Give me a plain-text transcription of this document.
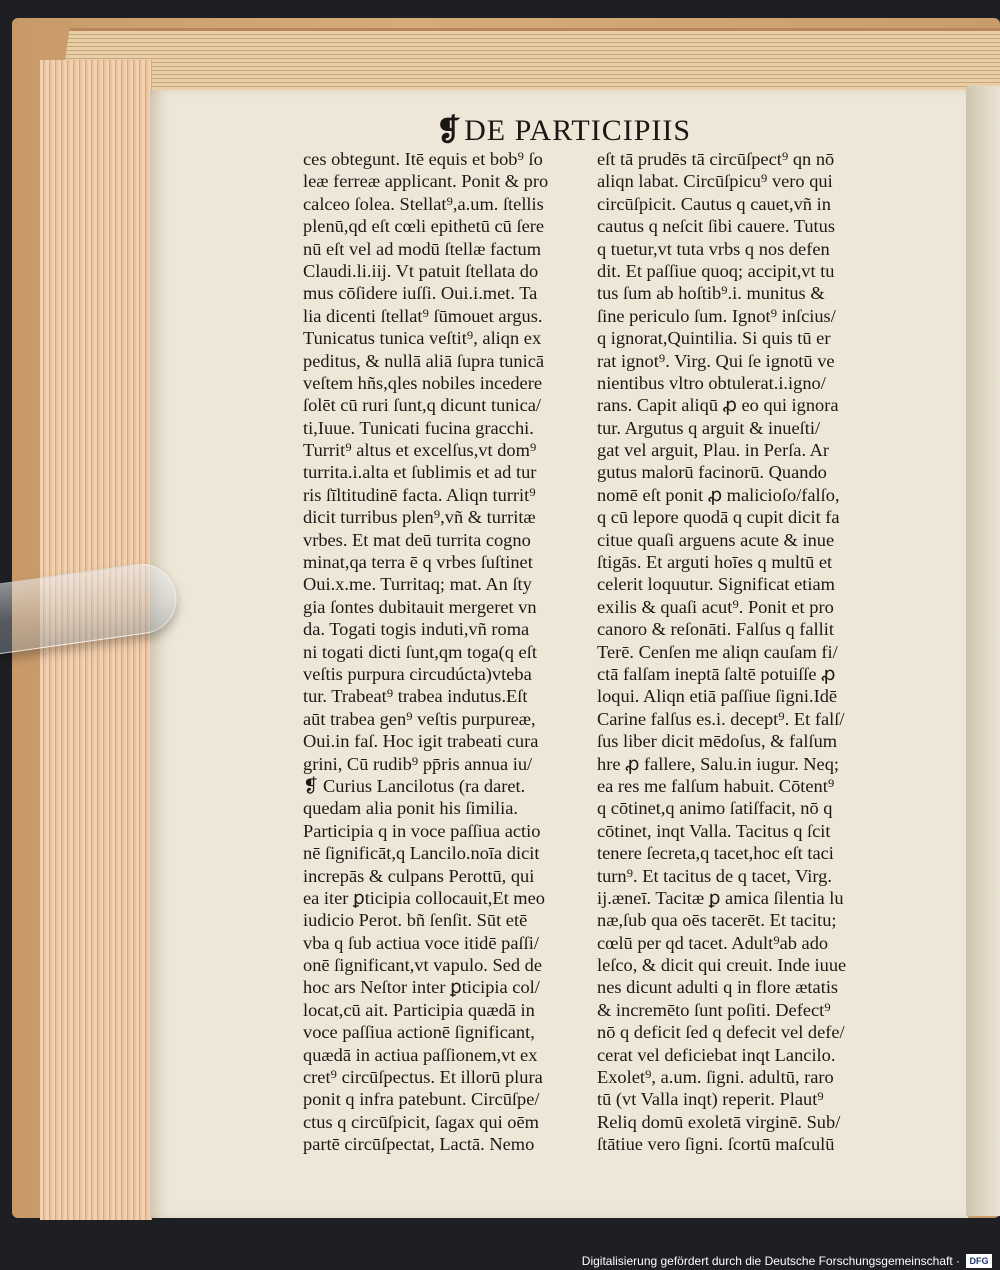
❡DE PARTICIPIIS
ces obtegunt. Itē equis et bob⁹ ſo
leæ ferreæ applicant. Ponit & pro
calceo ſolea. Stellat⁹,a.um. ſtellis
plenū,qd eſt cœli epithetū cū ſere
nū eſt vel ad modū ſtellæ factum
Claudi.li.iij. Vt patuit ſtellata do
mus cōſidere iuſſi. Oui.i.met. Ta
lia dicenti ſtellat⁹ ſūmouet argus.
Tunicatus tunica veſtit⁹, aliqn ex
peditus, & nullā aliā ſupra tunicā
veſtem hñs,qles nobiles incedere
ſolēt cū ruri ſunt,q dicunt tunica/
ti,Iuue. Tunicati fucina gracchi.
Turrit⁹ altus et excelſus,vt dom⁹
turrita.i.alta et ſublimis et ad tur
ris ſīltitudinē facta. Aliqn turrit⁹
dicit turribus plen⁹,vñ & turritæ
vrbes. Et mat deū turrita cogno
minat,qa terra ē q vrbes ſuſtinet
Oui.x.me. Turritaq; mat. An ſty
gia ſontes dubitauit mergeret vn
da. Togati togis induti,vñ roma
ni togati dicti ſunt,qm toga(q eſt
veſtis purpura circudúcta)vteba
tur. Trabeat⁹ trabea indutus.Eſt
aūt trabea gen⁹ veſtis purpureæ,
Oui.in faſ. Hoc igit trabeati cura
grini, Cū rudib⁹ pp̄ris annua iu/
❡ Curius Lancilotus (ra daret.
quedam alia ponit his ſimilia.
Participia q in voce paſſiua actio
nē ſignificāt,q Lancilo.noīa dicit
increpās & culpans Perottū, qui
ea iter ꝑticipia collocauit,Et meo
iudicio Perot. bñ ſenſit. Sūt etē
vba q ſub actiua voce itidē paſſi/
onē ſignificant,vt vapulo. Sed de
hoc ars Neſtor inter ꝑticipia col/
locat,cū ait. Participia quædā in
voce paſſiua actionē ſignificant,
quædā in actiua paſſionem,vt ex
cret⁹ circūſpectus. Et illorū plura
ponit q infra patebunt. Circūſpe/
ctus q circūſpicit, ſagax qui oēm
partē circūſpectat, Lactā. Nemo
eſt tā prudēs tā circūſpect⁹ qn nō
aliqn labat. Circūſpicu⁹ vero qui
circūſpicit. Cautus q cauet,vñ in
cautus q neſcit ſibi cauere. Tutus
q tuetur,vt tuta vrbs q nos defen
dit. Et paſſiue quoq; accipit,vt tu
tus ſum ab hoſtib⁹.i. munitus &
ſine periculo ſum. Ignot⁹ inſcius/
q ignorat,Quintilia. Si quis tū er
rat ignot⁹. Virg. Qui ſe ignotū ve
nientibus vltro obtulerat.i.igno/
rans. Capit aliqū ꝓ eo qui ignora
tur. Argutus q arguit & inueſti/
gat vel arguit, Plau. in Perſa. Ar
gutus malorū facinorū. Quando
nomē eſt ponit ꝓ malicioſo/falſo,
q cū lepore quodā q cupit dicit fa
citue quaſi arguens acute & inue
ſtigās. Et arguti hoīes q multū et
celerit loquutur. Significat etiam
exilis & quaſi acut⁹. Ponit et pro
canoro & reſonāti. Falſus q fallit
Terē. Cenſen me aliqn cauſam fi/
ctā falſam ineptā ſaltē potuiſſe ꝓ
loqui. Aliqn etiā paſſiue ſigni.Idē
Carine falſus es.i. decept⁹. Et falſ/
ſus liber dicit mēdoſus, & falſum
hre ꝓ fallere, Salu.in iugur. Neq;
ea res me falſum habuit. Cōtent⁹
q cōtinet,q animo ſatiſfacit, nō q
cōtinet, inqt Valla. Tacitus q ſcit
tenere ſecreta,q tacet,hoc eſt taci
turn⁹. Et tacitus de q tacet, Virg.
ij.æneī. Tacitæ ꝑ amica ſilentia lu
næ,ſub qua oēs tacerēt. Et tacitu;
cœlū per qd tacet. Adult⁹ab ado
leſco, & dicit qui creuit. Inde iuue
nes dicunt adulti q in flore ætatis
& incremēto ſunt poſiti. Defect⁹
nō q deficit ſed q defecit vel defe/
cerat vel deficiebat inqt Lancilo.
Exolet⁹, a.um. ſigni. adultū, raro
tū (vt Valla inqt) reperit. Plaut⁹
Reliq domū exoletā virginē. Sub/
ſtātiue vero ſigni. ſcortū maſculū
Digitalisierung gefördert durch die Deutsche Forschungsgemeinschaft ·	DFG
